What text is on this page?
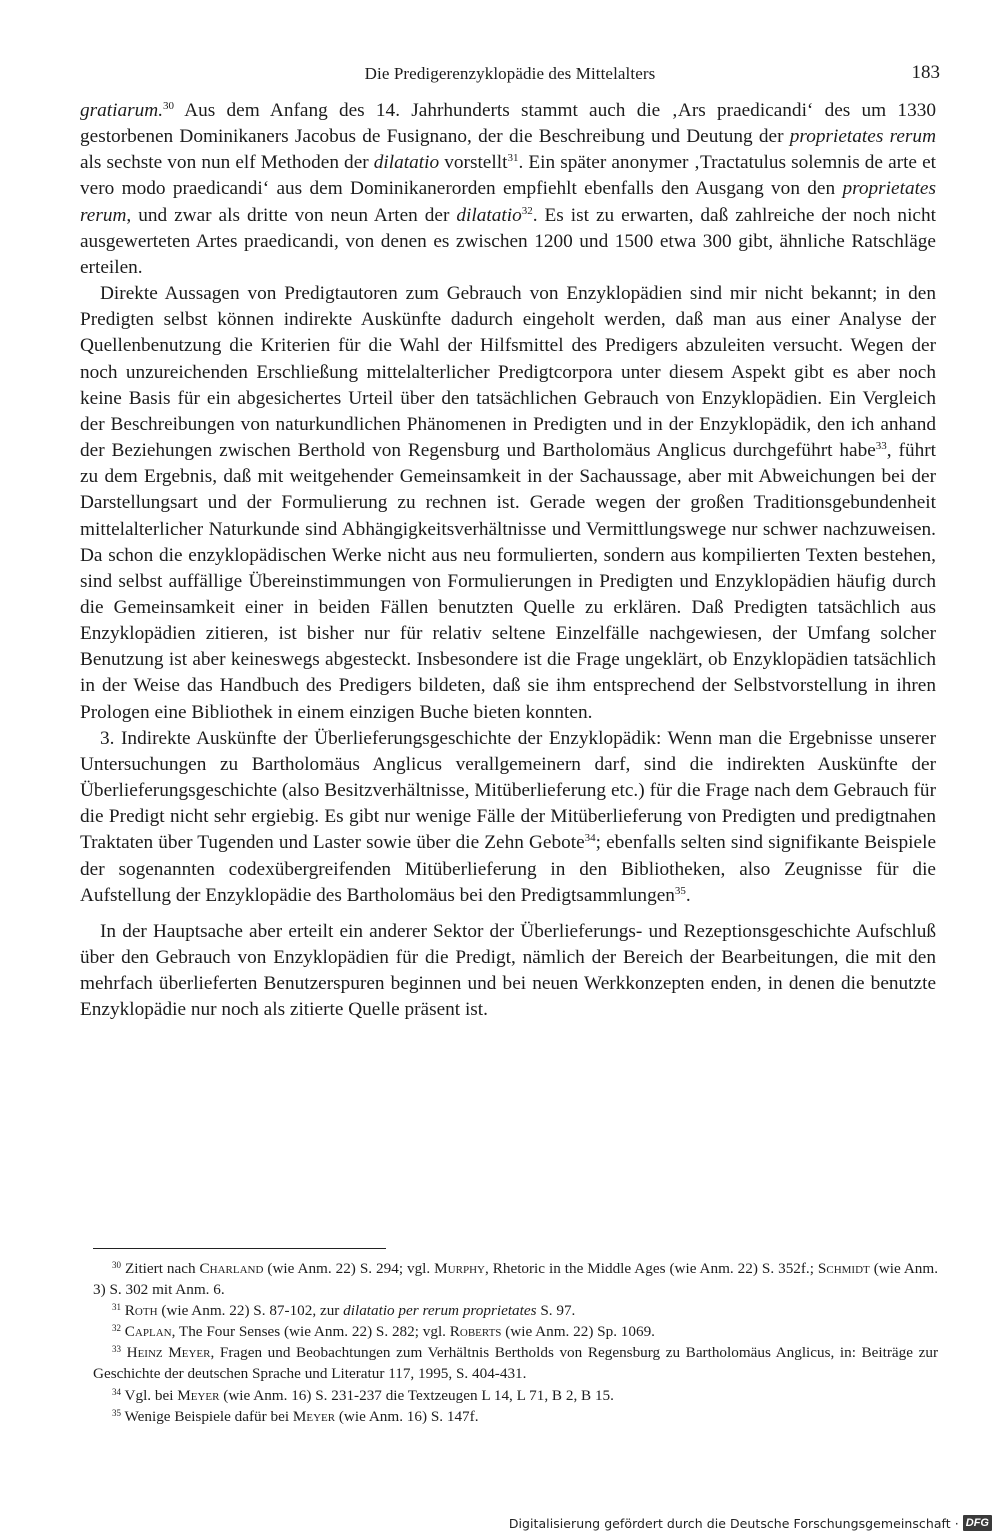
Die Predigerenzyklopädie des Mittelalters	183

gratiarum.$^{30}$ Aus dem Anfang des 14. Jahrhunderts stammt auch die ‚Ars praedicandi‘ des um 1330 gestorbenen Dominikaners Jacobus de Fusignano, der die Beschreibung und Deutung der proprietates rerum als sechste von nun elf Methoden der dilatatio vorstellt$^{31}$. Ein später anonymer ‚Tractatulus solemnis de arte et vero modo praedicandi‘ aus dem Dominikanerorden empfiehlt ebenfalls den Ausgang von den proprietates rerum, und zwar als dritte von neun Arten der dilatatio$^{32}$. Es ist zu erwarten, daß zahlreiche der noch nicht ausgewerteten Artes praedicandi, von denen es zwischen 1200 und 1500 etwa 300 gibt, ähnliche Ratschläge erteilen.

Direkte Aussagen von Predigtautoren zum Gebrauch von Enzyklopädien sind mir nicht bekannt; in den Predigten selbst können indirekte Auskünfte dadurch eingeholt werden, daß man aus einer Analyse der Quellenbenutzung die Kriterien für die Wahl der Hilfsmittel des Predigers abzuleiten versucht. Wegen der noch unzureichenden Erschließung mittelalterlicher Predigtcorpora unter diesem Aspekt gibt es aber noch keine Basis für ein abgesichertes Urteil über den tatsächlichen Gebrauch von Enzyklopädien. Ein Vergleich der Beschreibungen von naturkundlichen Phänomenen in Predigten und in der Enzyklopädik, den ich anhand der Beziehungen zwischen Berthold von Regensburg und Bartholomäus Anglicus durchgeführt habe$^{33}$, führt zu dem Ergebnis, daß mit weitgehender Gemeinsamkeit in der Sachaussage, aber mit Abweichungen bei der Darstellungsart und der Formulierung zu rechnen ist. Gerade wegen der großen Traditionsgebundenheit mittelalterlicher Naturkunde sind Abhängigkeitsverhältnisse und Vermittlungswege nur schwer nachzuweisen. Da schon die enzyklopädischen Werke nicht aus neu formulierten, sondern aus kompilierten Texten bestehen, sind selbst auffällige Übereinstimmungen von Formulierungen in Predigten und Enzyklopädien häufig durch die Gemeinsamkeit einer in beiden Fällen benutzten Quelle zu erklären. Daß Predigten tatsächlich aus Enzyklopädien zitieren, ist bisher nur für relativ seltene Einzelfälle nachgewiesen, der Umfang solcher Benutzung ist aber keineswegs abgesteckt. Insbesondere ist die Frage ungeklärt, ob Enzyklopädien tatsächlich in der Weise das Handbuch des Predigers bildeten, daß sie ihm entsprechend der Selbstvorstellung in ihren Prologen eine Bibliothek in einem einzigen Buche bieten konnten.

3. Indirekte Auskünfte der Überlieferungsgeschichte der Enzyklopädik: Wenn man die Ergebnisse unserer Untersuchungen zu Bartholomäus Anglicus verallgemeinern darf, sind die indirekten Auskünfte der Überlieferungsgeschichte (also Besitzverhältnisse, Mitüberlieferung etc.) für die Frage nach dem Gebrauch für die Predigt nicht sehr ergiebig. Es gibt nur wenige Fälle der Mitüberlieferung von Predigten und predigtnahen Traktaten über Tugenden und Laster sowie über die Zehn Gebote$^{34}$; ebenfalls selten sind signifikante Beispiele der sogenannten codexübergreifenden Mitüberlieferung in den Bibliotheken, also Zeugnisse für die Aufstellung der Enzyklopädie des Bartholomäus bei den Predigtsammlungen$^{35}$.

In der Hauptsache aber erteilt ein anderer Sektor der Überlieferungs- und Rezeptionsgeschichte Aufschluß über den Gebrauch von Enzyklopädien für die Predigt, nämlich der Bereich der Bearbeitungen, die mit den mehrfach überlieferten Benutzerspuren beginnen und bei neuen Werkkonzepten enden, in denen die benutzte Enzyklopädie nur noch als zitierte Quelle präsent ist.

$^{30}$ Zitiert nach Charland (wie Anm. 22) S. 294; vgl. Murphy, Rhetoric in the Middle Ages (wie Anm. 22) S. 352f.; Schmidt (wie Anm. 3) S. 302 mit Anm. 6.

$^{31}$ Roth (wie Anm. 22) S. 87-102, zur dilatatio per rerum proprietates S. 97.

$^{32}$ Caplan, The Four Senses (wie Anm. 22) S. 282; vgl. Roberts (wie Anm. 22) Sp. 1069.

$^{33}$ Heinz Meyer, Fragen und Beobachtungen zum Verhältnis Bertholds von Regensburg zu Bartholomäus Anglicus, in: Beiträge zur Geschichte der deutschen Sprache und Literatur 117, 1995, S. 404-431.

$^{34}$ Vgl. bei Meyer (wie Anm. 16) S. 231-237 die Textzeugen L 14, L 71, B 2, B 15.

$^{35}$ Wenige Beispiele dafür bei Meyer (wie Anm. 16) S. 147f.

Digitalisierung gefördert durch die Deutsche Forschungsgemeinschaft · DFG
